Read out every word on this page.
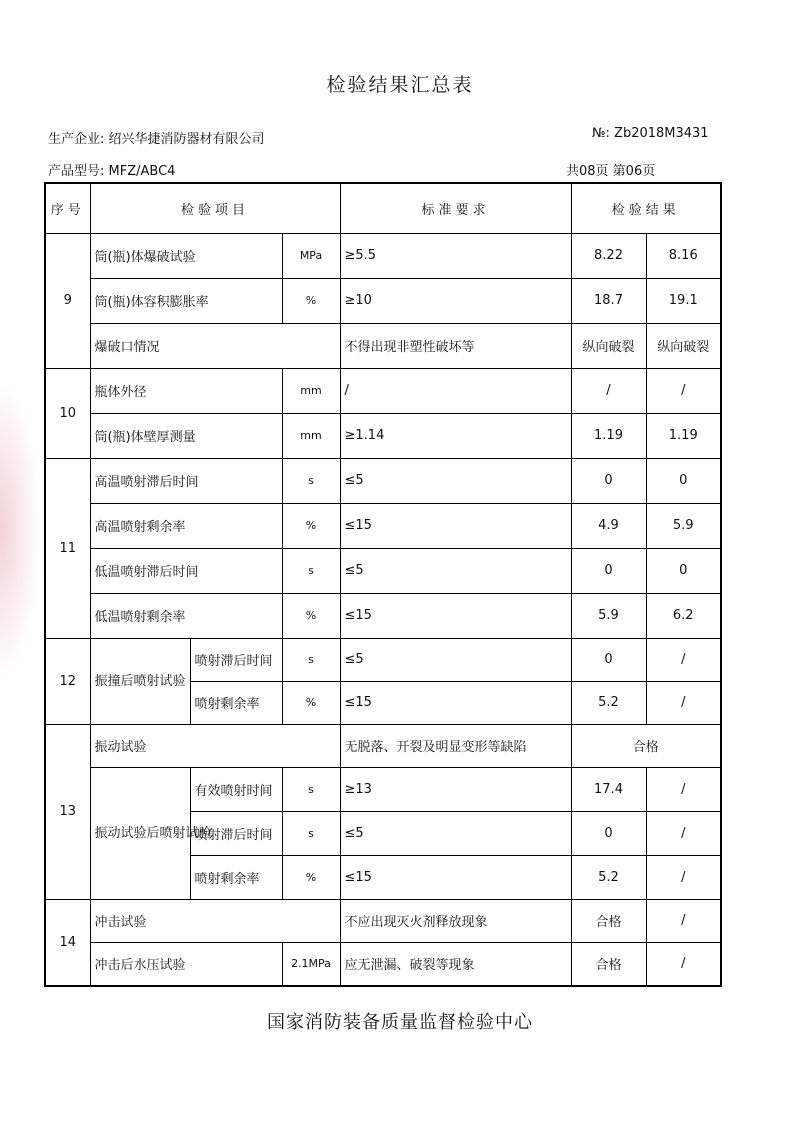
检验结果汇总表
生产企业: 绍兴华捷消防器材有限公司	№: Zb2018M3431
产品型号: MFZ/ABC4	共08页 第06页
序号	检验项目			标准要求	检验结果	
9	筒(瓶)体爆破试验		MPa	≥5.5	8.22	8.16
	筒(瓶)体容积膨胀率		%	≥10	18.7	19.1
	爆破口情况			不得出现非塑性破坏等	纵向破裂	纵向破裂
10	瓶体外径		mm	/	/	/
	筒(瓶)体壁厚测量		mm	≥1.14	1.19	1.19
11	高温喷射滞后时间		s	≤5	0	0
	高温喷射剩余率		%	≤15	4.9	5.9
	低温喷射滞后时间		s	≤5	0	0
	低温喷射剩余率		%	≤15	5.9	6.2
12	振撞后喷射试验	喷射滞后时间	s	≤5	0	/
		喷射剩余率	%	≤15	5.2	/
13	振动试验			无脱落、开裂及明显变形等缺陷	合格	
	振动试验后喷射试验	有效喷射时间	s	≥13	17.4	/
		喷射滞后时间	s	≤5	0	/
		喷射剩余率	%	≤15	5.2	/
14	冲击试验			不应出现灭火剂释放现象	合格	/
	冲击后水压试验		2.1MPa	应无泄漏、破裂等现象	合格	/
国家消防装备质量监督检验中心
